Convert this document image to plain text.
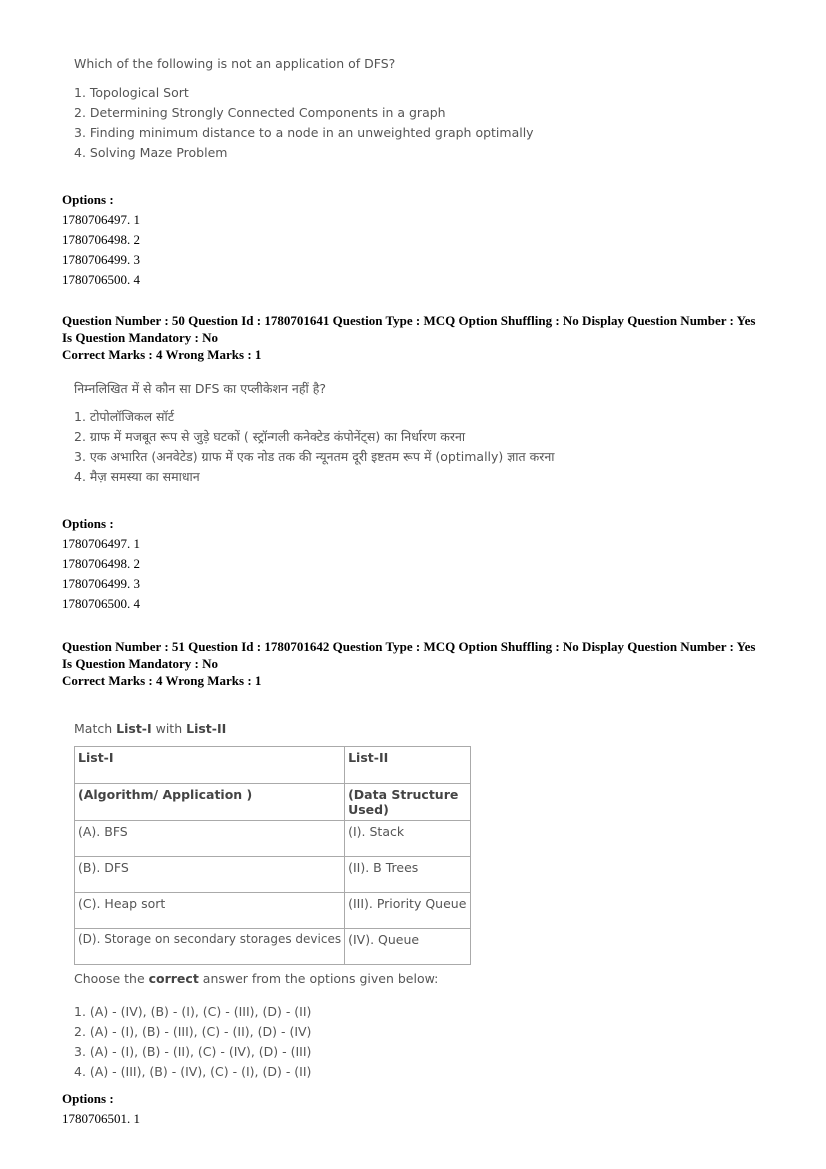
Which of the following is not an application of DFS?
1. Topological Sort
2. Determining Strongly Connected Components in a graph
3. Finding minimum distance to a node in an unweighted graph optimally
4. Solving Maze Problem
Options :
1780706497. 1
1780706498. 2
1780706499. 3
1780706500. 4
Question Number : 50 Question Id : 1780701641 Question Type : MCQ Option Shuffling : No Display Question Number : Yes
Is Question Mandatory : No
Correct Marks : 4 Wrong Marks : 1
निम्नलिखित में से कौन सा DFS का एप्लीकेशन नहीं है?
1. टोपोलॉजिकल सॉर्ट
2. ग्राफ में मजबूत रूप से जुड़े घटकों ( स्ट्रॉन्गली कनेक्टेड कंपोनेंट्स) का निर्धारण करना
3. एक अभारित (अनवेटेड) ग्राफ में एक नोड तक की न्यूनतम दूरी इष्टतम रूप में (optimally) ज्ञात करना
4. मैज़ समस्या का समाधान
Options :
1780706497. 1
1780706498. 2
1780706499. 3
1780706500. 4
Question Number : 51 Question Id : 1780701642 Question Type : MCQ Option Shuffling : No Display Question Number : Yes
Is Question Mandatory : No
Correct Marks : 4 Wrong Marks : 1
Match List-I with List-II
List-I	List-II
(Algorithm/ Application )	(Data Structure Used)
(A). BFS	(I). Stack
(B). DFS	(II). B Trees
(C). Heap sort	(III). Priority Queue
(D). Storage on secondary storages devices	(IV). Queue
Choose the correct answer from the options given below:
1. (A) - (IV), (B) - (I), (C) - (III), (D) - (II)
2. (A) - (I), (B) - (III), (C) - (II), (D) - (IV)
3. (A) - (I), (B) - (II), (C) - (IV), (D) - (III)
4. (A) - (III), (B) - (IV), (C) - (I), (D) - (II)
Options :
1780706501. 1
